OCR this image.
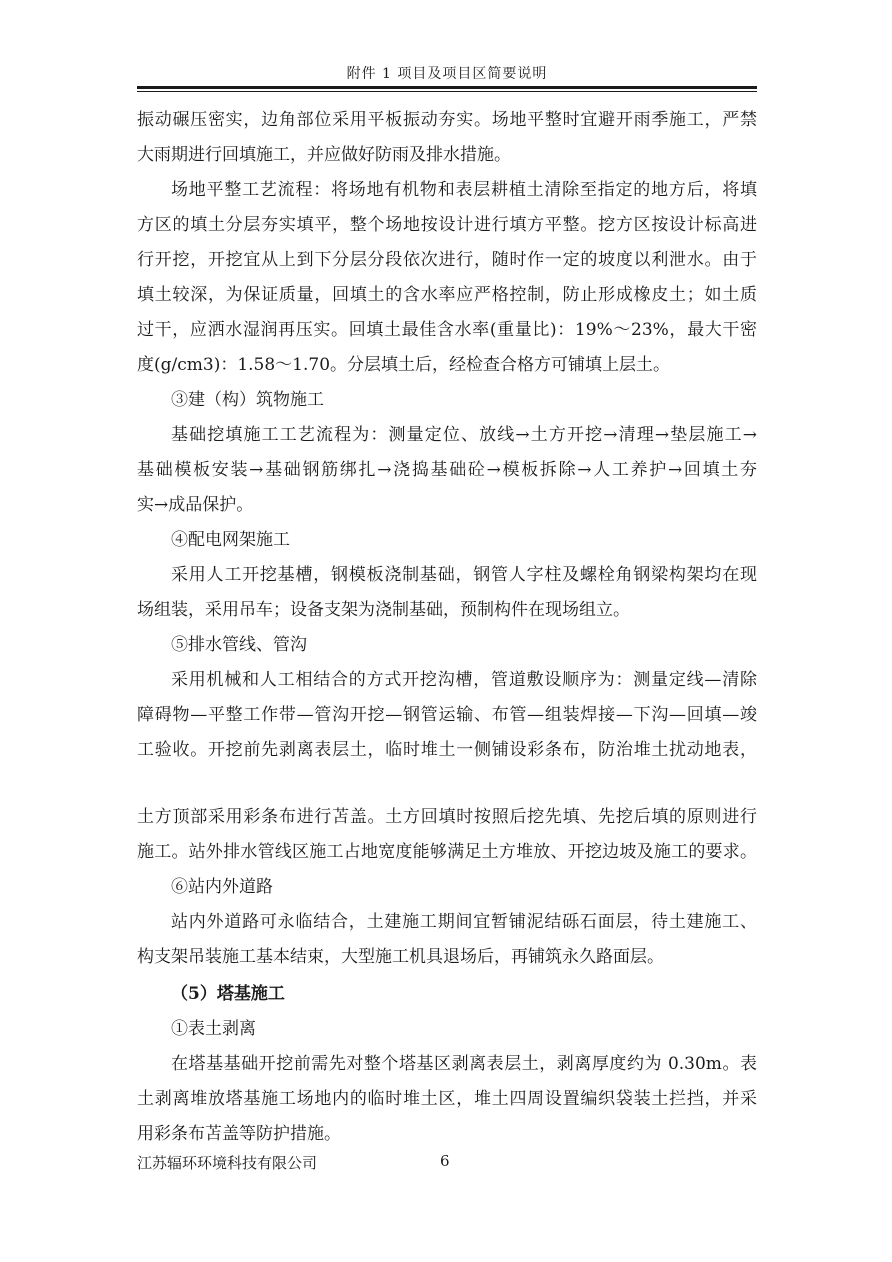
附件 1 项目及项目区简要说明
振动碾压密实，边角部位采用平板振动夯实。场地平整时宜避开雨季施工，严禁
大雨期进行回填施工，并应做好防雨及排水措施。
场地平整工艺流程：将场地有机物和表层耕植土清除至指定的地方后，将填
方区的填土分层夯实填平，整个场地按设计进行填方平整。挖方区按设计标高进
行开挖，开挖宜从上到下分层分段依次进行，随时作一定的坡度以利泄水。由于
填土较深，为保证质量，回填土的含水率应严格控制，防止形成橡皮土；如土质
过干，应洒水湿润再压实。回填土最佳含水率(重量比)：19%～23%，最大干密
度(g/cm3)：1.58～1.70。分层填土后，经检查合格方可铺填上层土。
③建（构）筑物施工
基础挖填施工工艺流程为：测量定位、放线→土方开挖→清理→垫层施工→
基础模板安装→基础钢筋绑扎→浇捣基础砼→模板拆除→人工养护→回填土夯
实→成品保护。
④配电网架施工
采用人工开挖基槽，钢模板浇制基础，钢管人字柱及螺栓角钢梁构架均在现
场组装，采用吊车；设备支架为浇制基础，预制构件在现场组立。
⑤排水管线、管沟
采用机械和人工相结合的方式开挖沟槽，管道敷设顺序为：测量定线—清除
障碍物—平整工作带—管沟开挖—钢管运输、布管—组装焊接—下沟—回填—竣
工验收。开挖前先剥离表层土，临时堆土一侧铺设彩条布，防治堆土扰动地表，
土方顶部采用彩条布进行苫盖。土方回填时按照后挖先填、先挖后填的原则进行
施工。站外排水管线区施工占地宽度能够满足土方堆放、开挖边坡及施工的要求。
⑥站内外道路
站内外道路可永临结合，土建施工期间宜暂铺泥结砾石面层，待土建施工、
构支架吊装施工基本结束，大型施工机具退场后，再铺筑永久路面层。
（5）塔基施工
①表土剥离
在塔基基础开挖前需先对整个塔基区剥离表层土，剥离厚度约为 0.30m。表
土剥离堆放塔基施工场地内的临时堆土区，堆土四周设置编织袋装土拦挡，并采
用彩条布苫盖等防护措施。
江苏辐环环境科技有限公司	6
